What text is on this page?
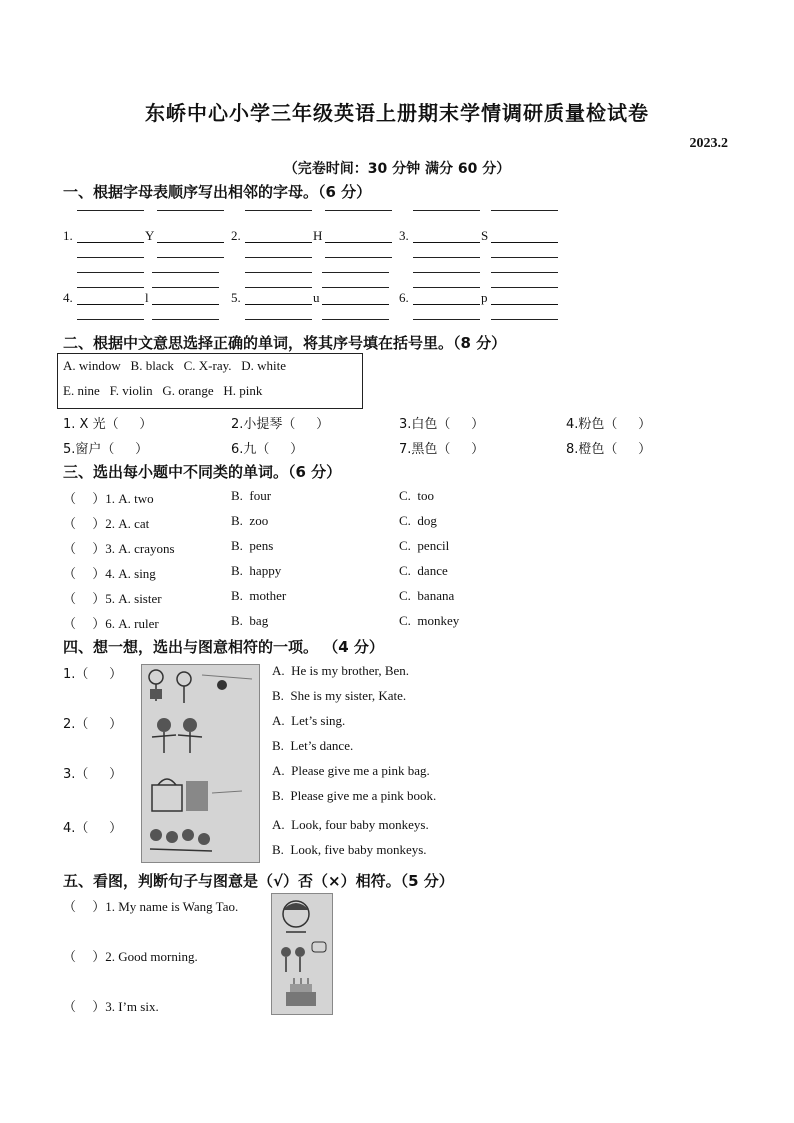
东峤中心小学三年级英语上册期末学情调研质量检试卷
2023.2
（完卷时间：30 分钟 满分 60 分）
一、根据字母表顺序写出相邻的字母。（6 分）
1.	Y	2.	H	3.	S
4.	l	5.	u	6.	p
二、根据中文意思选择正确的单词，将其序号填在括号里。（8 分）
A. window   B. black   C. X-ray.   D. white
E. nine   F. violin   G. orange   H. pink
1. X 光（     ）	2.小提琴（     ）	3.白色（     ）	4.粉色（     ）
5.窗户（     ）	6.九（     ）	7.黑色（     ）	8.橙色（     ）
三、选出每小题中不同类的单词。（6 分）
（     ）1. A. two	B.  four	C.  too
（     ）2. A. cat	B.  zoo	C.  dog
（     ）3. A. crayons	B.  pens	C.  pencil
（     ）4. A. sing	B.  happy	C.  dance
（     ）5. A. sister	B.  mother	C.  banana
（     ）6. A. ruler	B.  bag	C.  monkey
四、想一想，选出与图意相符的一项。 （4 分）
1.（     ）
2.（     ）
3.（     ）
4.（     ）
A.  He is my brother, Ben.
B.  She is my sister, Kate.
A.  Let’s sing.
B.  Let’s dance.
A.  Please give me a pink bag.
B.  Please give me a pink book.
A.  Look, four baby monkeys.
B.  Look, five baby monkeys.
五、看图，判断句子与图意是（√）否（×）相符。（5 分）
（     ）1. My name is Wang Tao.
（     ）2. Good morning.
（     ）3. I’m six.
